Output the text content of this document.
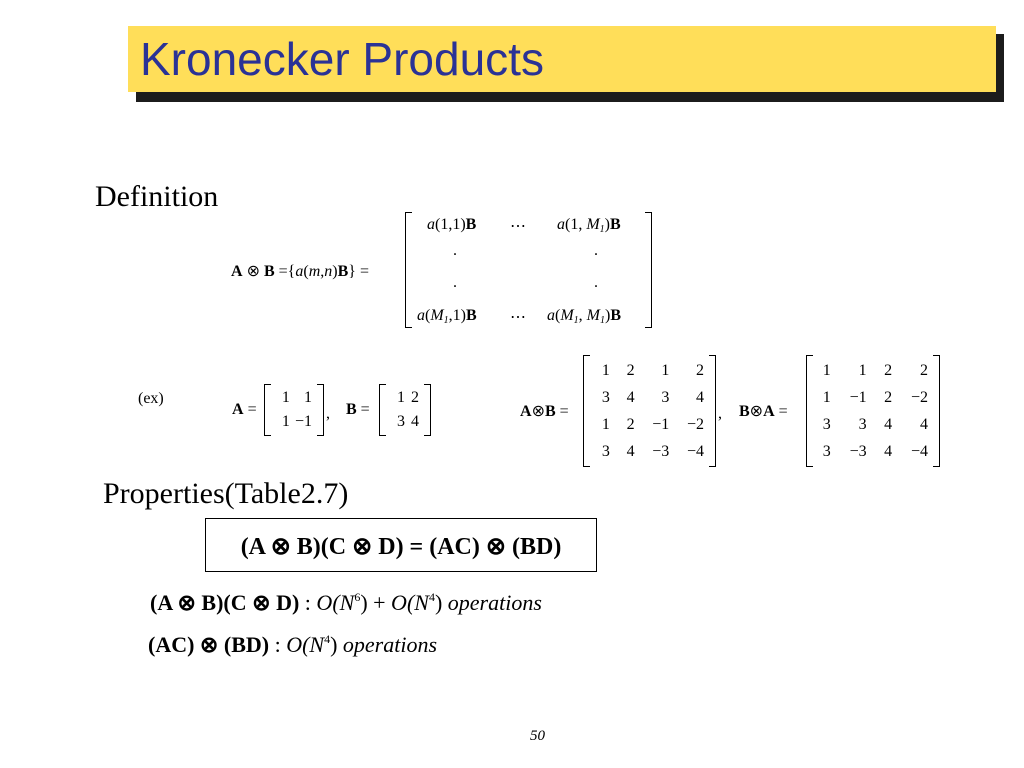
Kronecker Products
Definition
A ⊗ B ={a(m,n)B} =
a(1,1)B ⋯ a(1, $M_1)B$
.	.
.	.
$a(M_1,1)B$ ⋯ $a(M_1$, $M_1)B$
(ex)
A =
1 1
1 −1 , B =
1 2
3 4
A⊗B =
1 2 1 2
3 4 3 4
1 2 −1 −2
3 4 −3 −4
, B⊗A =
1 1 2 2
1 −1 2 −2
3 3 4 4
3 −3 4 −4
Properties(Table2.7)
(A ⊗ B)(C ⊗ D) = (AC) ⊗ (BD)
(A ⊗ B)(C ⊗ D) : $O(N^6) + O(N^4)$ operations
(AC) ⊗ (BD) : $O(N^4)$ operations
50
